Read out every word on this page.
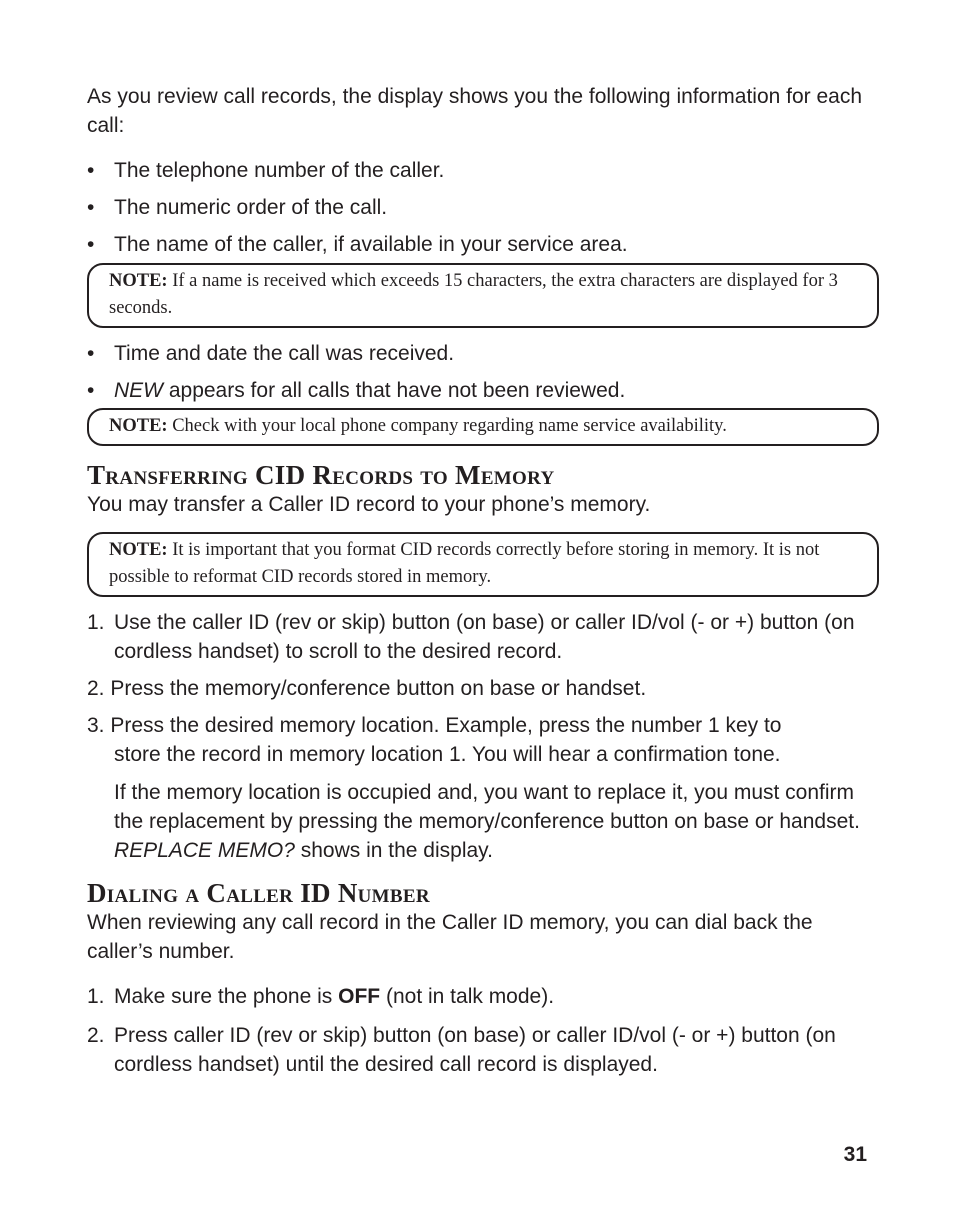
As you review call records, the display shows you the following information for each call:

• The telephone number of the caller.
• The numeric order of the call.
• The name of the caller, if available in your service area.
NOTE: If a name is received which exceeds 15 characters, the extra characters are displayed for 3 seconds.
• Time and date the call was received.
• NEW appears for all calls that have not been reviewed.
NOTE: Check with your local phone company regarding name service availability.
Transferring CID Records to Memory

You may transfer a Caller ID record to your phone’s memory.

NOTE: It is important that you format CID records correctly before storing in memory. It is not possible to reformat CID records stored in memory.
1. Use the caller ID (rev or skip) button (on base) or caller ID/vol (- or +) button (on cordless handset) to scroll to the desired record.
2. Press the memory/conference button on base or handset.
3. Press the desired memory location. Example, press the number 1 key to
store the record in memory location 1. You will hear a confirmation tone.
If the memory location is occupied and, you want to replace it, you must confirm the replacement by pressing the memory/conference button on base or handset. REPLACE MEMO? shows in the display.
Dialing a Caller ID Number

When reviewing any call record in the Caller ID memory, you can dial back the caller’s number.

1. Make sure the phone is OFF (not in talk mode).
2. Press caller ID (rev or skip) button (on base) or caller ID/vol (- or +) button (on cordless handset) until the desired call record is displayed.
31
